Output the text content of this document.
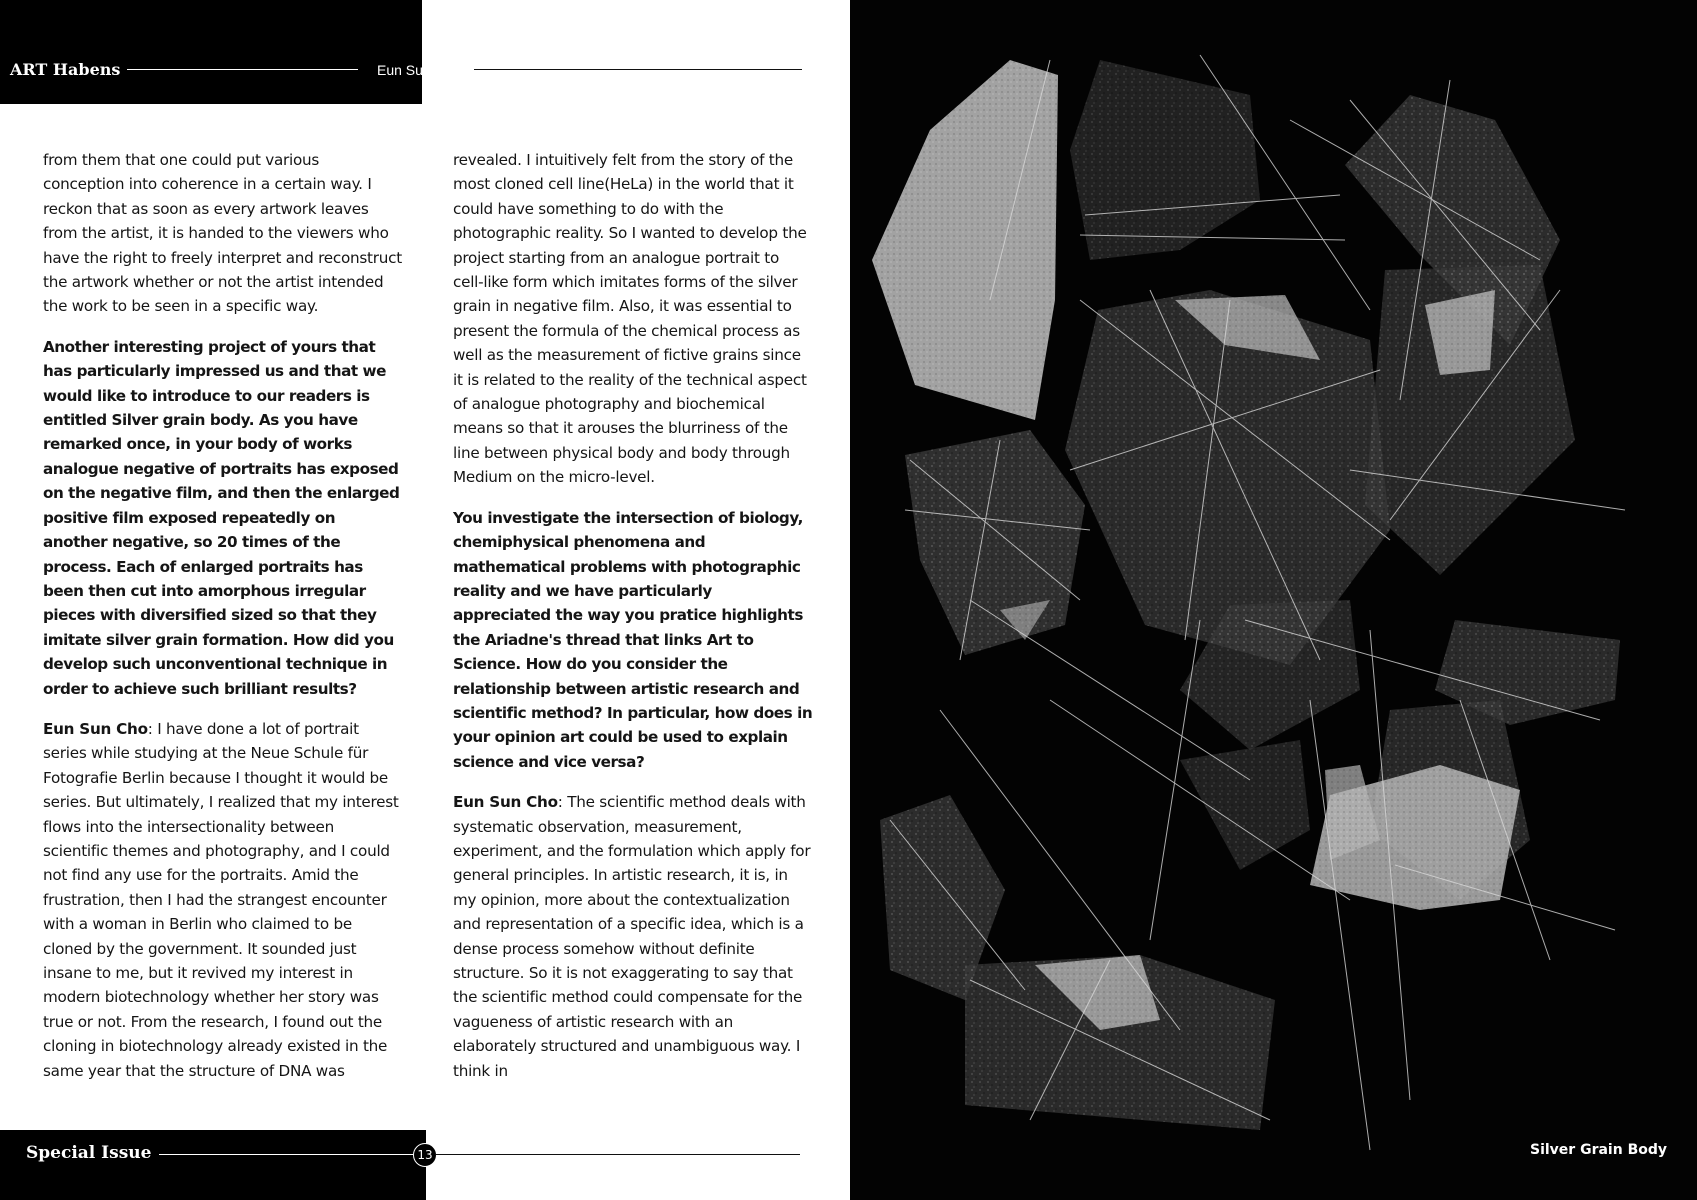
ART Habens	Eun Sun Cho

from them that one could put various conception into coherence in a certain way. I reckon that as soon as every artwork leaves from the artist, it is handed to the viewers who have the right to freely interpret and reconstruct the artwork whether or not the artist intended the work to be seen in a specific way.

Another interesting project of yours that has particularly impressed us and that we would like to introduce to our readers is entitled Silver grain body. As you have remarked once, in your body of works analogue negative of portraits has exposed on the negative film, and then the enlarged positive film exposed repeatedly on another negative, so 20 times of the process. Each of enlarged portraits has been then cut into amorphous irregular pieces with diversified sized so that they imitate silver grain formation. How did you develop such unconventional technique in order to achieve such brilliant results?

Eun Sun Cho: I have done a lot of portrait series while studying at the Neue Schule für Fotografie Berlin because I thought it would be series. But ultimately, I realized that my interest flows into the intersectionality between scientific themes and photography, and I could not find any use for the portraits. Amid the frustration, then I had the strangest encounter with a woman in Berlin who claimed to be cloned by the government. It sounded just insane to me, but it revived my interest in modern biotechnology whether her story was true or not. From the research, I found out the cloning in biotechnology already existed in the same year that the structure of DNA was

revealed. I intuitively felt from the story of the most cloned cell line(HeLa) in the world that it could have something to do with the photographic reality. So I wanted to develop the project starting from an analogue portrait to cell-like form which imitates forms of the silver grain in negative film. Also, it was essential to present the formula of the chemical process as well as the measurement of fictive grains since it is related to the reality of the technical aspect of analogue photography and biochemical means so that it arouses the blurriness of the line between physical body and body through Medium on the micro-level.

You investigate the intersection of biology, chemiphysical phenomena and mathematical problems with photographic reality and we have particularly appreciated the way you pratice highlights the Ariadne's thread that links Art to Science. How do you consider the relationship between artistic research and scientific method? In particular, how does in your opinion art could be used to explain science and vice versa?

Eun Sun Cho: The scientific method deals with systematic observation, measurement, experiment, and the formulation which apply for general principles. In artistic research, it is, in my opinion, more about the contextualization and representation of a specific idea, which is a dense process somehow without definite structure. So it is not exaggerating to say that the scientific method could compensate for the vagueness of artistic research with an elaborately structured and unambiguous way. I think in

Special Issue	13	Silver Grain Body
